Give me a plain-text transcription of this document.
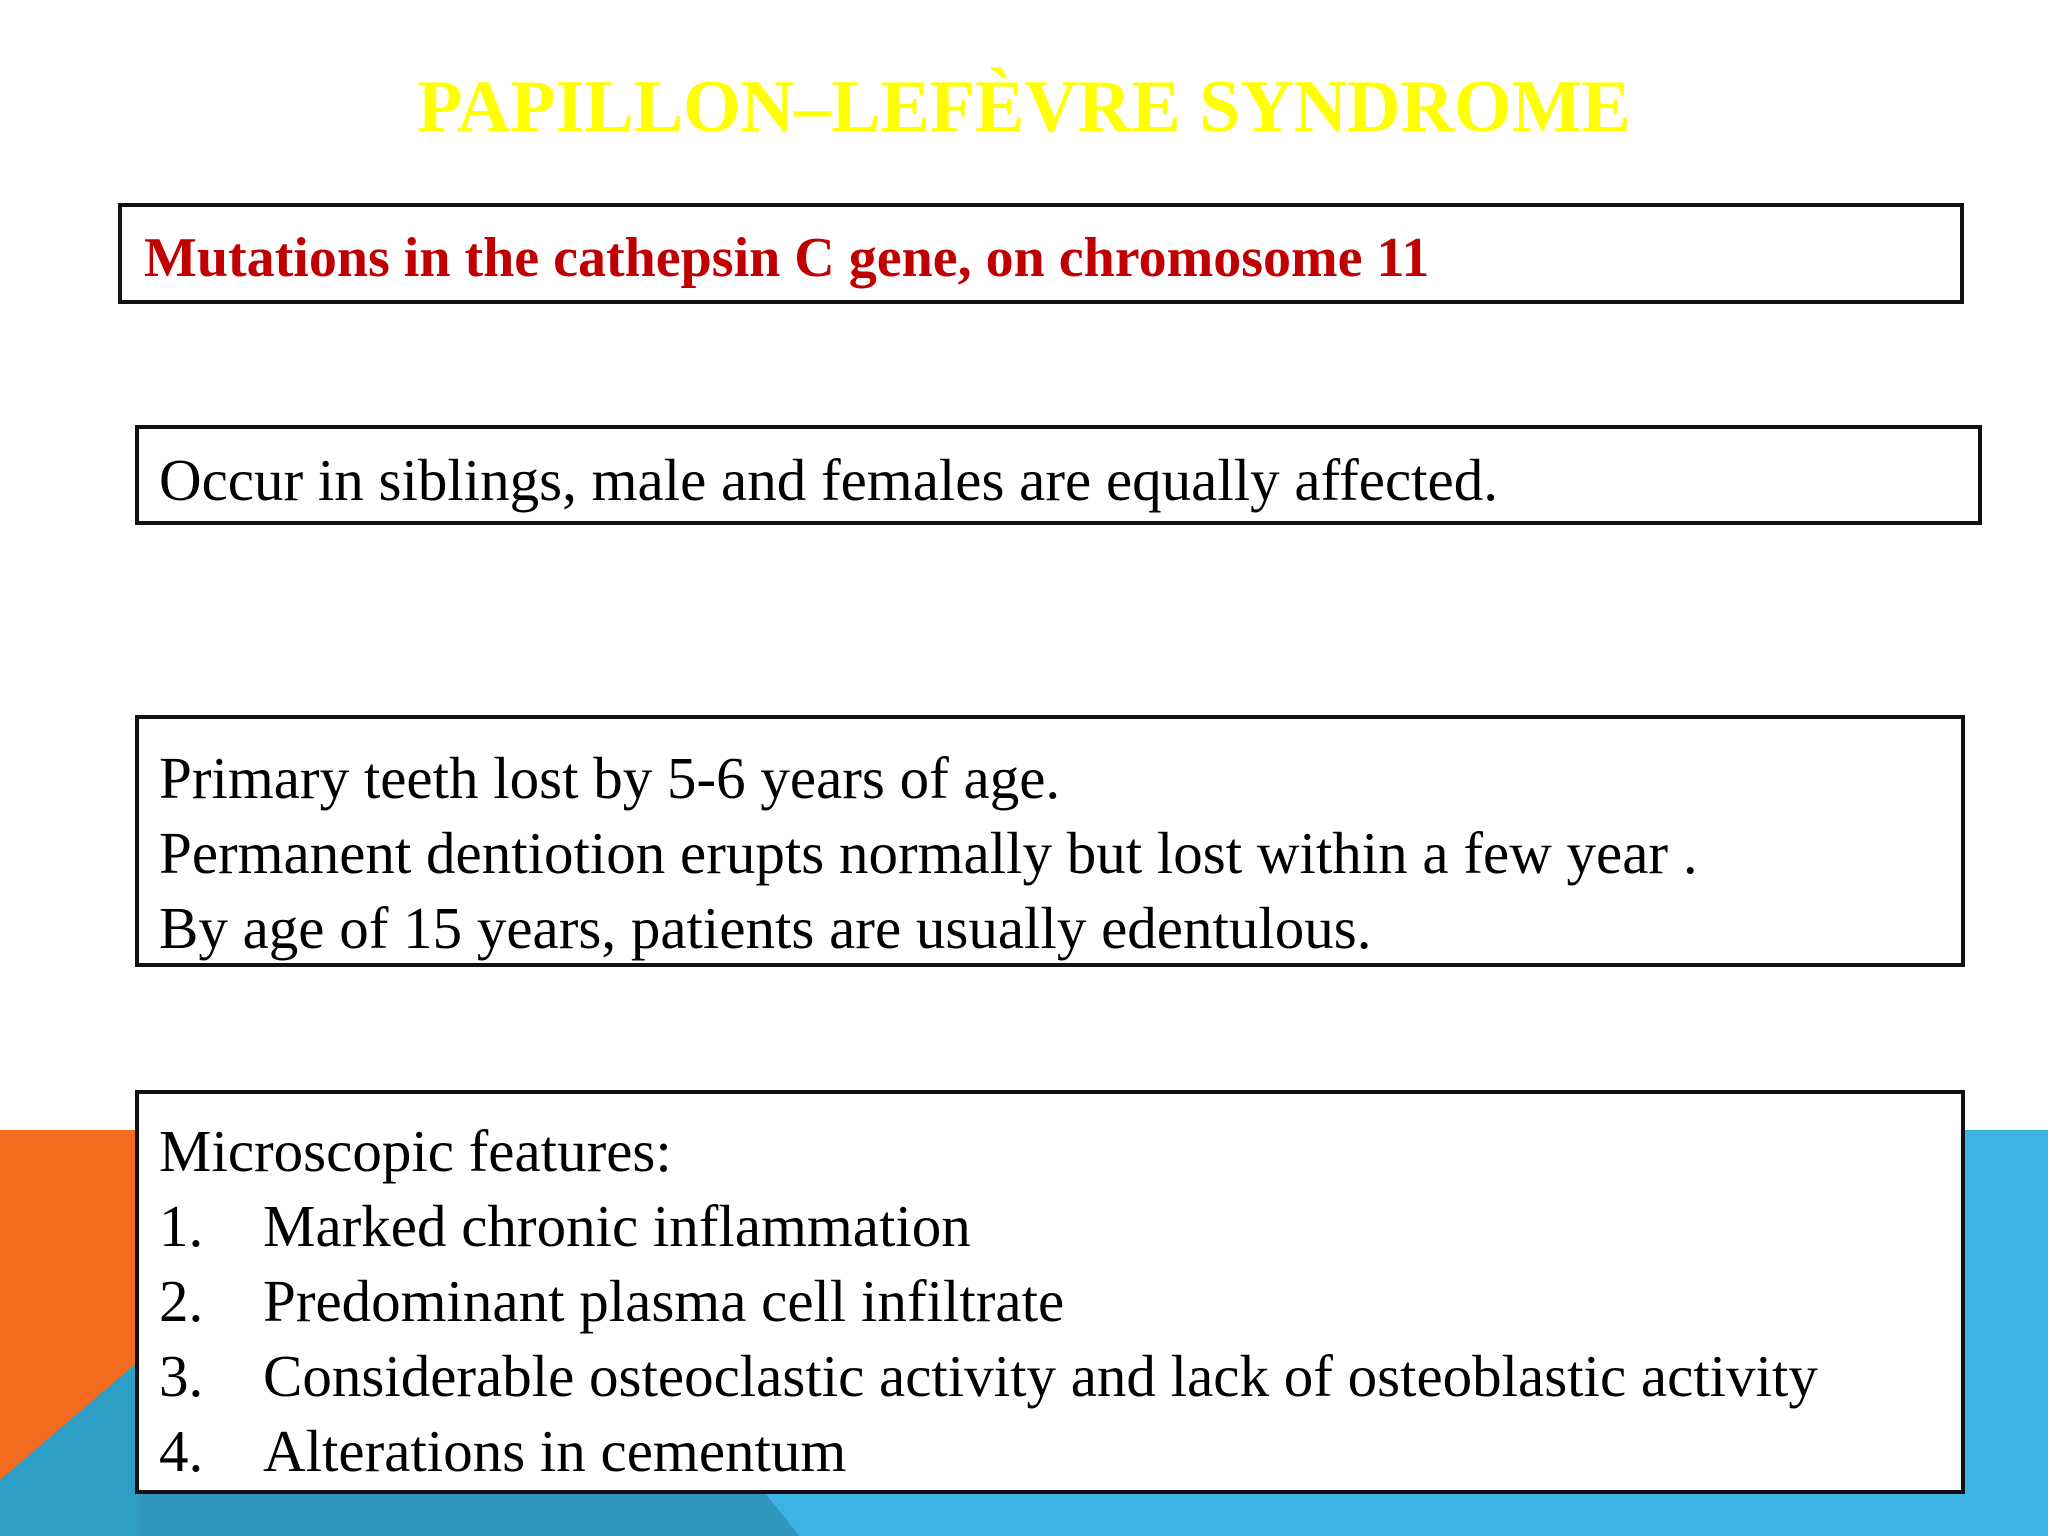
PAPILLON–LEFÈVRE SYNDROME
Mutations in the cathepsin C gene, on chromosome 11
Occur in siblings, male and females are equally affected.
Primary teeth lost by 5-6 years of age.
Permanent dentiotion erupts normally but lost within a few year .
By age of 15 years, patients are usually edentulous.
Microscopic features:
1.	Marked chronic inflammation
2.	Predominant plasma cell infiltrate
3.	Considerable osteoclastic activity and lack of osteoblastic activity
4.	Alterations in cementum
